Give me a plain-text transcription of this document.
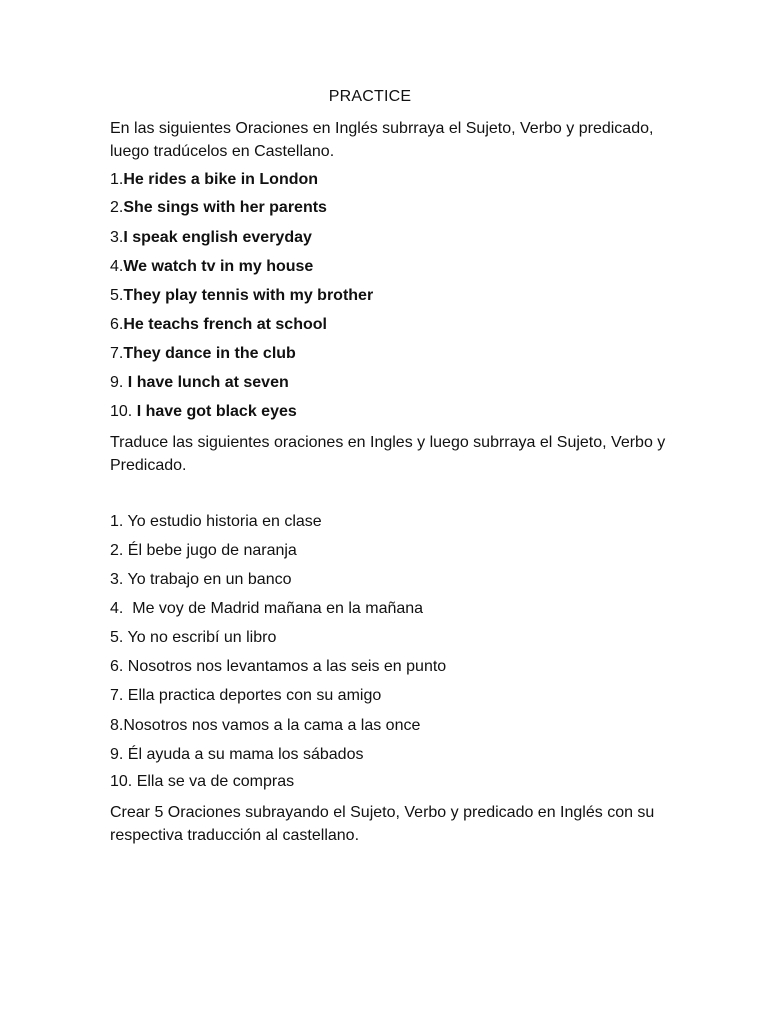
PRACTICE
En las siguientes Oraciones en Inglés subrraya el Sujeto, Verbo y predicado, luego tradúcelos en Castellano.
1.He rides a bike in London
2.She sings with her parents
3.I speak english everyday
4.We watch tv in my house
5.They play tennis with my brother
6.He teachs french at school
7.They dance in the club
9. I have lunch at seven
10. I have got black eyes
Traduce las siguientes oraciones en Ingles y luego subrraya el Sujeto, Verbo y Predicado.
1. Yo estudio historia en clase
2. Él bebe jugo de naranja
3. Yo trabajo en un banco
4.  Me voy de Madrid mañana en la mañana
5. Yo no escribí un libro
6. Nosotros nos levantamos a las seis en punto
7. Ella practica deportes con su amigo
8.Nosotros nos vamos a la cama a las once
9. Él ayuda a su mama los sábados
10. Ella se va de compras
Crear 5 Oraciones subrayando el Sujeto, Verbo y predicado en Inglés con su respectiva traducción al castellano.
